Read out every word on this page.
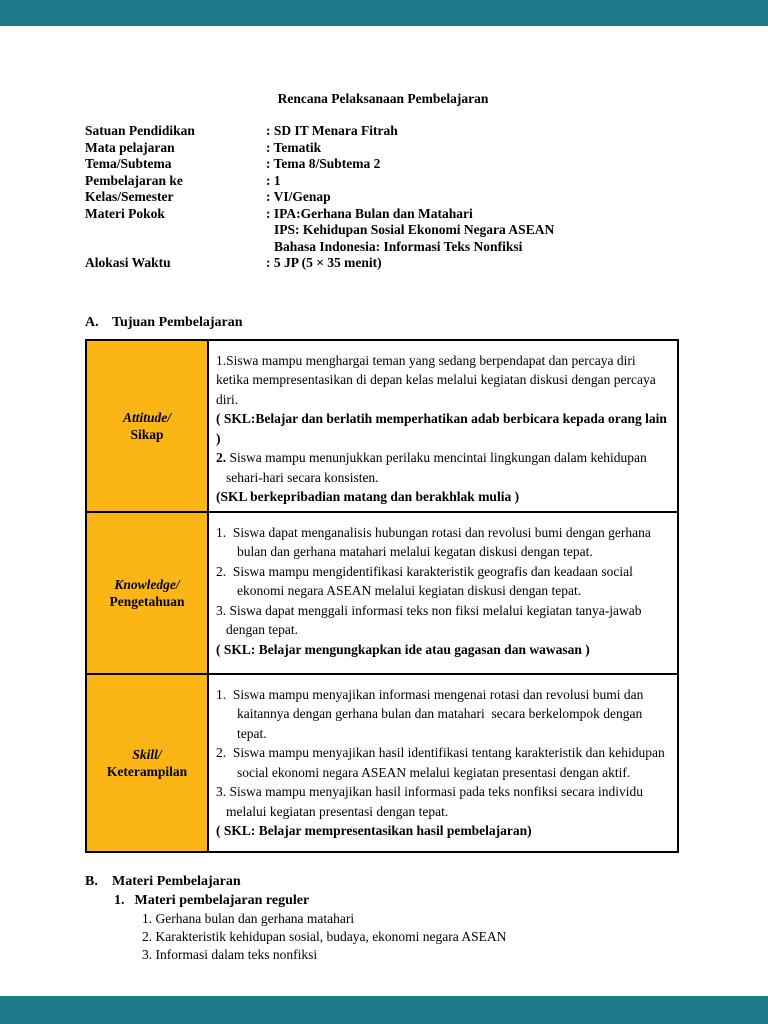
Rencana Pelaksanaan Pembelajaran
Satuan Pendidikan	: SD IT Menara Fitrah
Mata pelajaran	: Tematik
Tema/Subtema	: Tema 8/Subtema 2
Pembelajaran ke	: 1
Kelas/Semester	: VI/Genap
Materi Pokok	: IPA:Gerhana Bulan dan Matahari
IPS: Kehidupan Sosial Ekonomi Negara ASEAN
Bahasa Indonesia: Informasi Teks Nonfiksi
Alokasi Waktu	: 5 JP (5 × 35 menit)
A. Tujuan Pembelajaran
Attitude/
Sikap

1.Siswa mampu menghargai teman yang sedang berpendapat dan percaya diri ketika mempresentasikan di depan kelas melalui kegiatan diskusi dengan percaya diri.
( SKL:Belajar dan berlatih memperhatikan adab berbicara kepada orang lain )
2. Siswa mampu menunjukkan perilaku mencintai lingkungan dalam kehidupan sehari-hari secara konsisten.
(SKL berkepribadian matang dan berakhlak mulia )

Knowledge/
Pengetahuan

1.  Siswa dapat menganalisis hubungan rotasi dan revolusi bumi dengan gerhana bulan dan gerhana matahari melalui kegatan diskusi dengan tepat.
2.  Siswa mampu mengidentifikasi karakteristik geografis dan keadaan social ekonomi negara ASEAN melalui kegiatan diskusi dengan tepat.
3. Siswa dapat menggali informasi teks non fiksi melalui kegiatan tanya-jawab dengan tepat.
( SKL: Belajar mengungkapkan ide atau gagasan dan wawasan )

Skill/
Keterampilan

1.  Siswa mampu menyajikan informasi mengenai rotasi dan revolusi bumi dan kaitannya dengan gerhana bulan dan matahari  secara berkelompok dengan tepat.
2.  Siswa mampu menyajikan hasil identifikasi tentang karakteristik dan kehidupan social ekonomi negara ASEAN melalui kegiatan presentasi dengan aktif.
3. Siswa mampu menyajikan hasil informasi pada teks nonfiksi secara individu melalui kegiatan presentasi dengan tepat.
( SKL: Belajar mempresentasikan hasil pembelajaran)
B. Materi Pembelajaran
1. Materi pembelajaran reguler
1. Gerhana bulan dan gerhana matahari
2. Karakteristik kehidupan sosial, budaya, ekonomi negara ASEAN
3. Informasi dalam teks nonfiksi
